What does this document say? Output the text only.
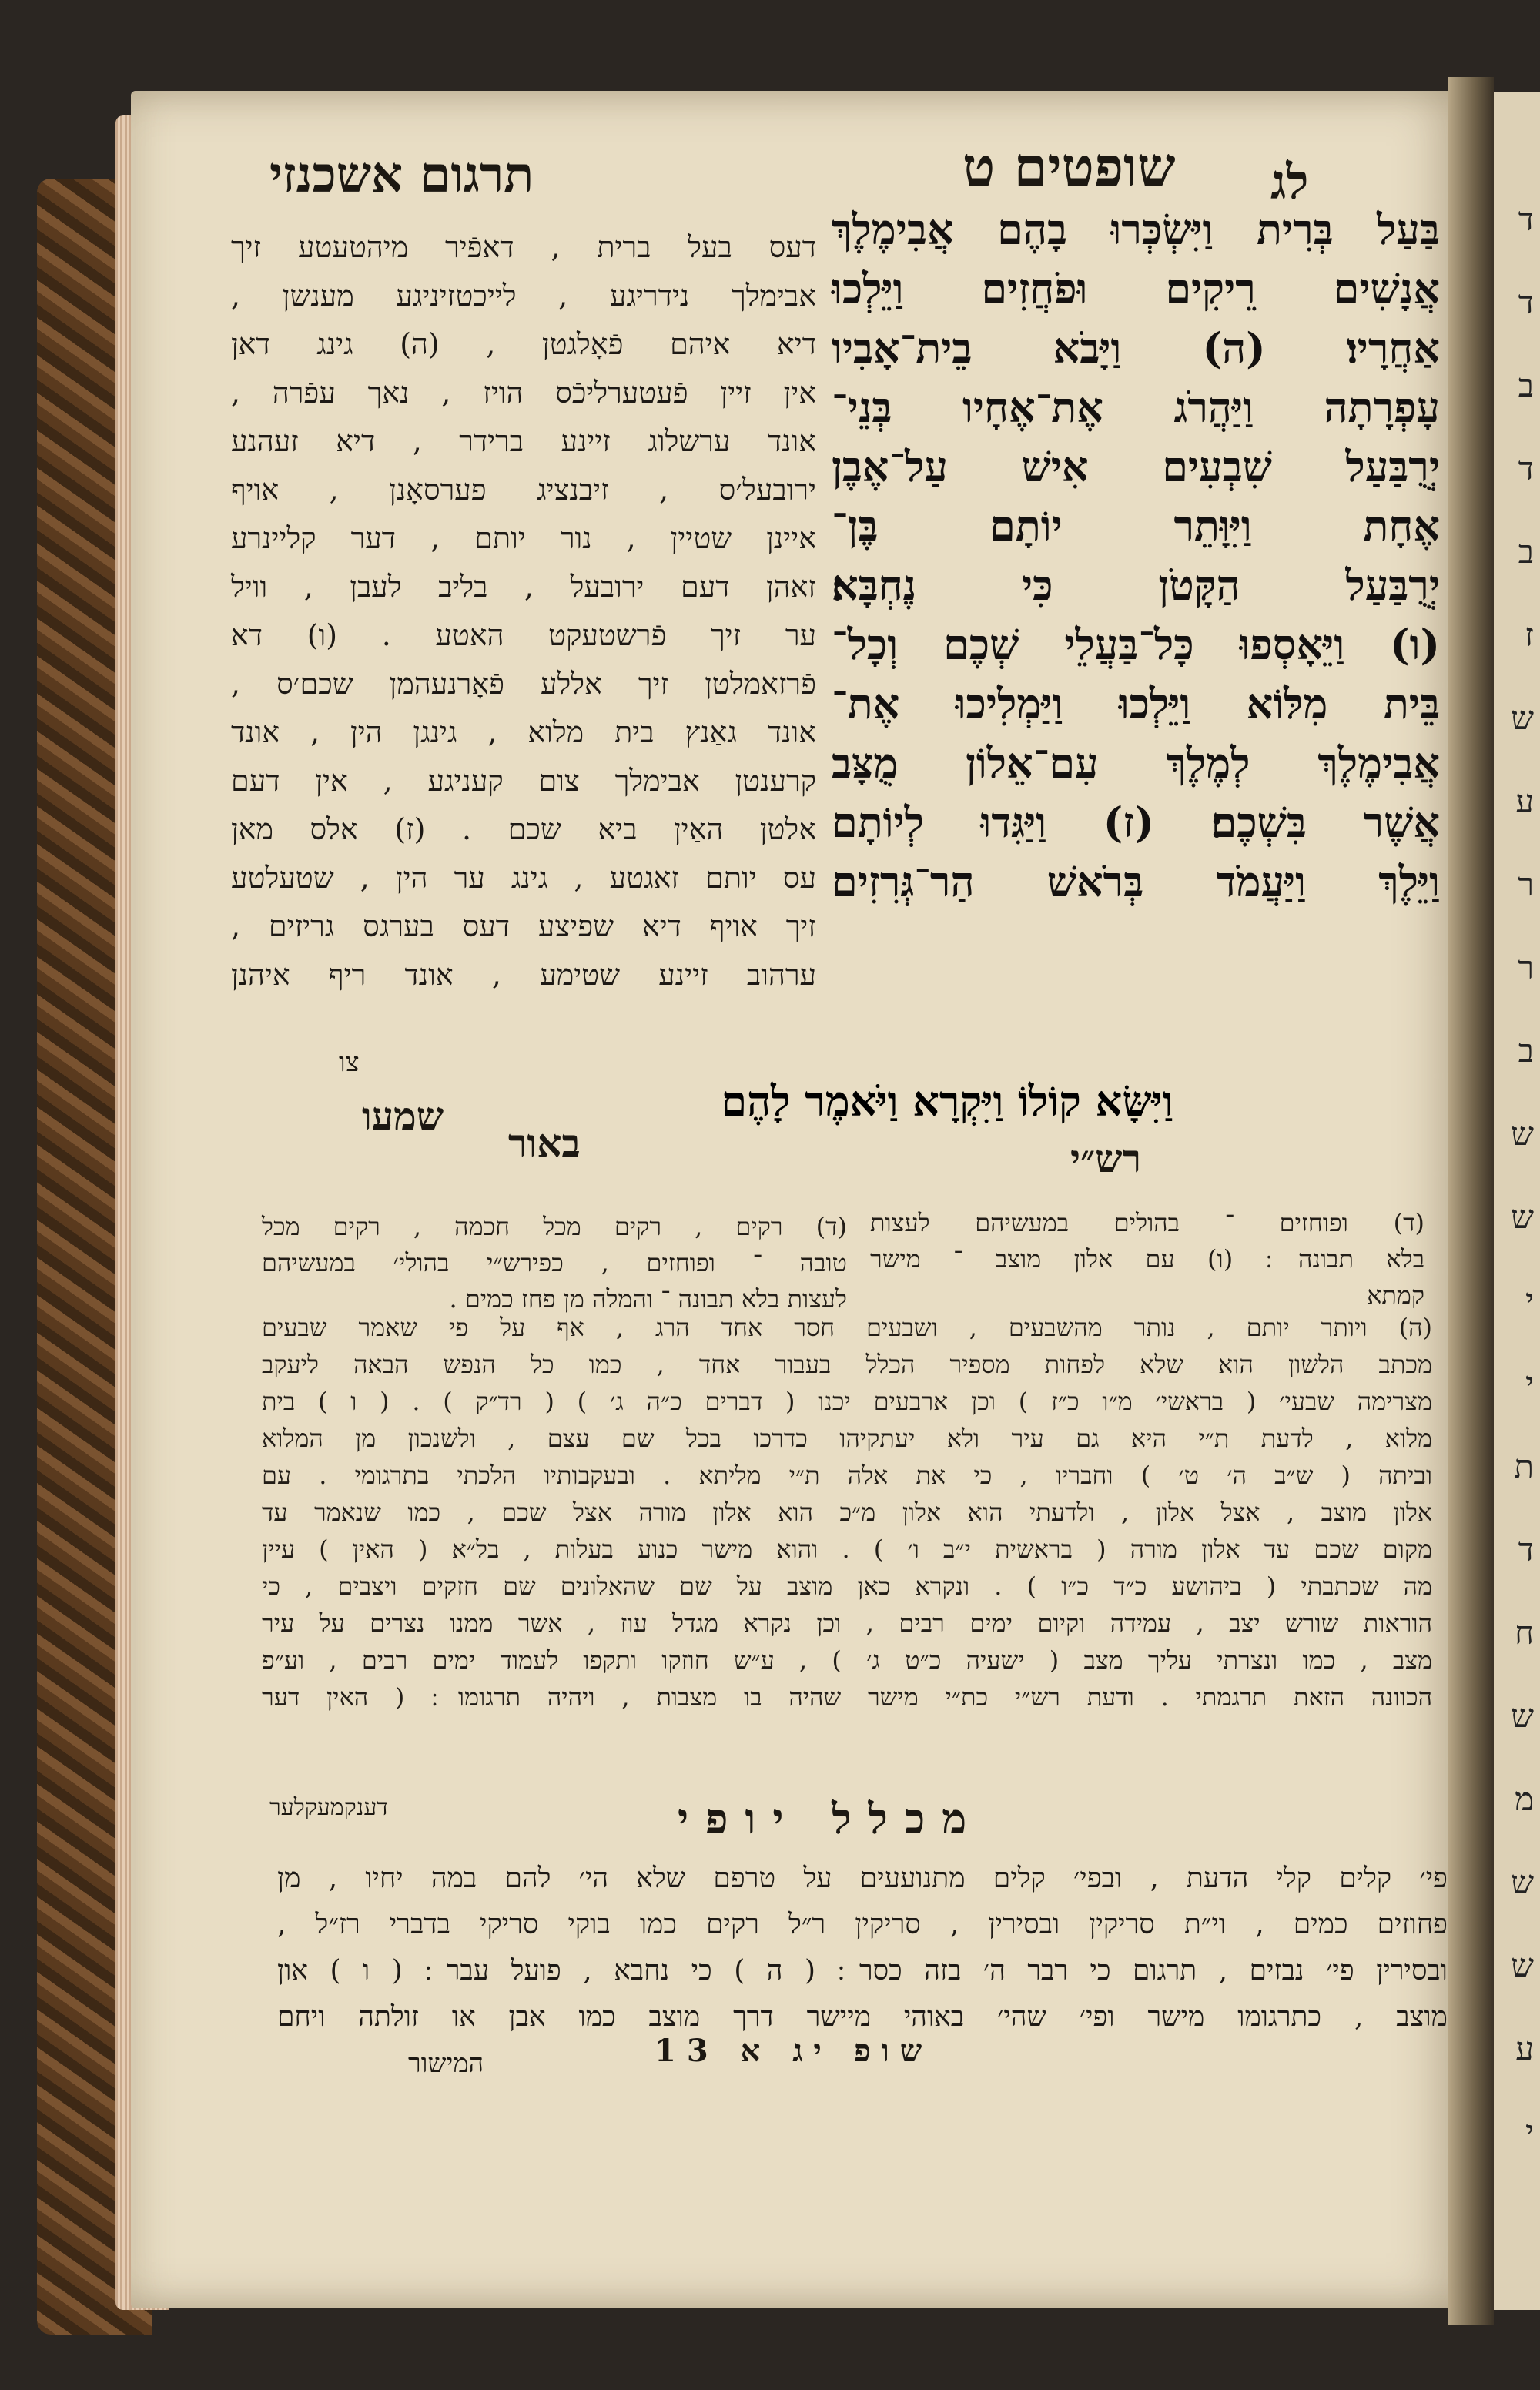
ד
ד
ב
ד
ב
ז
ש
ע
ר
ר
ב
ש
ש
י
י
ת
ד
ח
ש
מ
ש
ש
ע
י
תרגום אשכנזי	לג
שופטים ט
בַּעַל בְּרִית וַיִּשְׂכְּרוּ בָהֶם אֲבִימֶלֶךְ
אֲנָשִׁים רֵיקִים וּפֹחֲזִים וַיֵּלְכוּ
אַחֲרָיו׃ (ה) וַיָּבֹא בֵית־אָבִיו
עָפְרָתָה וַיַּהֲרֹג אֶת־אֶחָיו בְּנֵי־
יְרֻבַּעַל שִׁבְעִים אִישׁ עַל־אֶבֶן
אֶחָת וַיִּוָּתֵר יוֹתָם בֶּן־
יְרֻבַּעַל הַקָּטֹן כִּי נֶחְבָּא׃
(ו) וַיֵּאָסְפוּ כָּל־בַּעֲלֵי שְׁכֶם וְכָל־
בֵּית מִלּוֹא וַיֵּלְכוּ וַיַּמְלִיכוּ אֶת־
אֲבִימֶלֶךְ לְמֶלֶךְ עִם־אֵלוֹן מֻצָּב
אֲשֶׁר בִּשְׁכֶם׃ (ז) וַיַּגִּדוּ לְיוֹתָם
וַיֵּלֶךְ וַיַּעֲמֹד בְּרֹאשׁ הַר־גְּרִזִים
וַיִּשָּׂא קוֹלוֹ וַיִּקְרָא וַיֹּאמֶר לָהֶם
דעס בעל ברית , דאפֿיר מיהטעטע זיך
אבימלך נידריגע , לייכטזיניגע מענשן ,
דיא איהם פֿאָלגטן , (ה) גינג דאן
אין זיין פֿעטערליכֿס הויז , נאך עפֿרה ,
אונד ערשלוג זיינע ברידר , דיא זעהנע
ירובעל׳ס , זיבנציג פערסאָנן , אויף
איינן שטיין , נור יותם , דער קליינרע
זאהן דעם ירובעל , בליב לעבן , וויל
ער זיך פֿרשטעקט האטע . (ו) דא
פֿרזאמלטן זיך אללע פֿאָרנעהמן שכם׳ס ,
אונד גאַנץ בית מלוא , גינגן הין , אונד
קרענטן אבימלך צום קעניגע , אין דעם
אלטן האַין ביא שכם . (ז) אלס מאן
עס יותם זאגטע , גינג ער הין , שטעלטע
זיך אויף דיא שפיצע דעס בערגס גריזים ,
ערהוב זיינע שטימע , אונד ריף איהנן
צו
שמעו
באור	רש״י
(ד) ופוחזים ־ בהולים במעשיהם לעצות
בלא תבונה ׃ (ו) עם אלון מוצב ־ מישר
קמתא
(ד) רקים , רקים מכל חכמה , רקים מכל
טובה ־ ופוחזים , כפירש״י בהולי׳ במעשיהם
לעצות בלא תבונה ־ והמלה מן פחז כמים .
(ה) ויותר יותם , נותר מהשבעים , ושבעים חסר אחד הרג , אף על פי שאמר שבעים
מכתב הלשון הוא שלא לפחות מספיר הכלל בעבור אחד , כמו כל הנפש הבאה ליעקב
מצרימה שבעי׳ ( בראשי׳ מ״ו כ״ז ) וכן ארבעים יכנו ( דברים כ״ה ג׳ ) ( רד״ק ) . ( ו ) בית
מלוא , לדעת ת״י היא גם עיר ולא יעתקיהו כדרכו בכל שם עצם , ולשנכון מן המלוא
וביתה ( ש״ב ה׳ ט׳ ) וחבריו , כי את אלה ת״י מליתא . ובעקבותיו הלכתי בתרגומי . עם
אלון מוצב , אצל אלון , ולדעתי הוא אלון מ״כ הוא אלון מורה אצל שכם , כמו שנאמר עד
מקום שכם עד אלון מורה ( בראשית י״ב ו׳ ) . והוא מישר כנוע בעלות , בל״א ( האין ) עיין
מה שכתבתי ( ביהושע כ״ד כ״ו ) . ונקרא כאן מוצב על שם שהאלונים שם חזקים ויצבים , כי
הוראות שורש יצב , עמידה וקיום ימים רבים , וכן נקרא מגדל עוז , אשר ממנו נצרים על עיר
מצב , כמו ונצרתי עליך מצב ( ישעיה כ״ט ג׳ ) , ע״ש חוזקו ותקפו לעמוד ימים רבים , וע״פ
הכוונה הזאת תרגמתי . ודעת רש״י כת״י מישר שהיה בו מצבות , ויהיה תרגומו ׃ ( האין דער
דענקמעקלער	מכלל יופי
פי׳ קלים קלי הדעת , ובפי׳ קלים מתנועעים על טרפם שלא הי׳ להם במה יחיו , מן
פחוזים כמים , וי״ת סריקין ובסירין , סריקין ר״ל רקים כמו בוקי סריקי בדברי רז״ל ,
ובסירין פי׳ נבזים , תרגום כי רבר ה׳ בזה כסר ׃ ( ה ) כי נחבא , פועל עבר ׃ ( ו ) און
מוצב , כתרגומו מישר ופי׳ שהי׳ באוהי מיישר דרך מוצב כמו אבן או זולתה ויחם
שופ יג א 13
המישור
